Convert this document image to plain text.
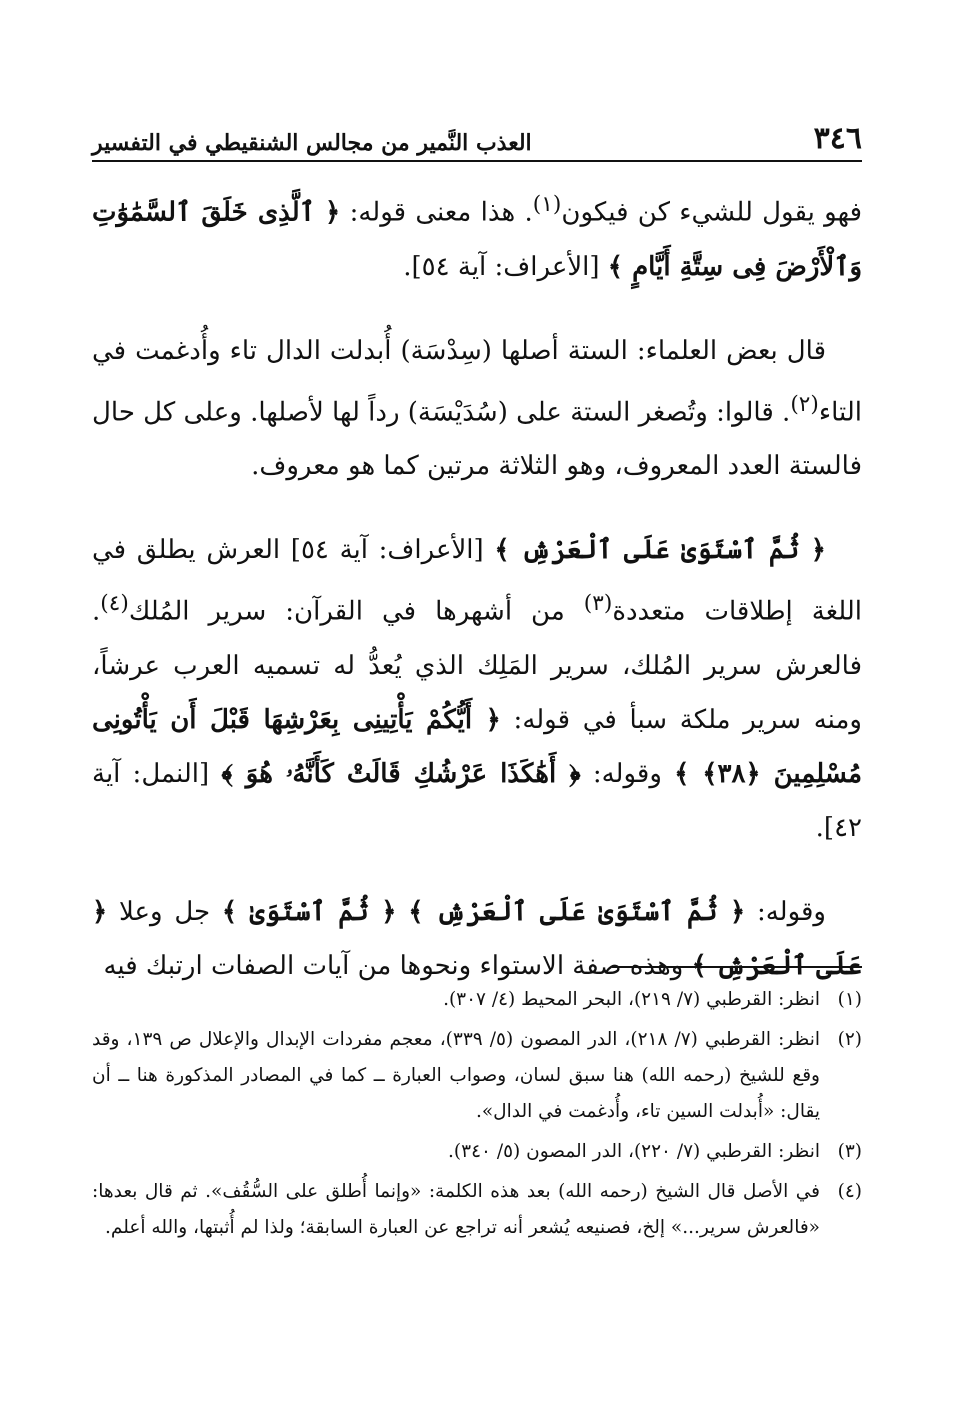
٣٤٦
العذب النَّمير من مجالس الشنقيطي في التفسير

فهو يقول للشيء كن فيكون$^{(١)}$. هذا معنى قوله: ﴿ ٱلَّذِى خَلَقَ ٱلسَّمَٰوَٰتِ وَٱلْأَرْضَ فِى سِتَّةِ أَيَّامٍ ﴾ [الأعراف: آية ٥٤].

قال بعض العلماء: الستة أصلها (سِدْسَة) أُبدلت الدال تاء وأُدغمت في التاء$^{(٢)}$. قالوا: وتُصغر الستة على (سُدَيْسَة) رداً لها لأصلها. وعلى كل حال فالستة العدد المعروف، وهو الثلاثة مرتين كما هو معروف.

﴿ ثُمَّ ٱسْتَوَىٰ عَلَى ٱلْعَرْشِ ﴾ [الأعراف: آية ٥٤] العرش يطلق في اللغة إطلاقات متعددة$^{(٣)}$ من أشهرها في القرآن: سرير المُلك$^{(٤)}$. فالعرش سرير المُلك، سرير المَلِك الذي يُعدُّ له تسميه العرب عرشاً، ومنه سرير ملكة سبأ في قوله: ﴿ أَيُّكُمْ يَأْتِينِى بِعَرْشِهَا قَبْلَ أَن يَأْتُونِى مُسْلِمِينَ ﴿٣٨﴾ ﴾ وقوله: ﴿ أَهَٰكَذَا عَرْشُكِ قَالَتْ كَأَنَّهُۥ هُوَ ﴾ [النمل: آية ٤٢].

وقوله: ﴿ ثُمَّ ٱسْتَوَىٰ عَلَى ٱلْعَرْشِ ﴾ ﴿ ثُمَّ ٱسْتَوَىٰ ﴾ جل وعلا ﴿ عَلَى ٱلْعَرْشِ ﴾ وهذه صفة الاستواء ونحوها من آيات الصفات ارتبك فيه

(١)
انظر: القرطبي (٧/ ٢١٩)، البحر المحيط (٤/ ٣٠٧).
(٢)
انظر: القرطبي (٧/ ٢١٨)، الدر المصون (٥/ ٣٣٩)، معجم مفردات الإبدال والإعلال ص ١٣٩، وقد وقع للشيخ (رحمه الله) هنا سبق لسان، وصواب العبارة ــ كما في المصادر المذكورة هنا ــ أن يقال: «أُبدلت السين تاء، وأُدغمت في الدال».
(٣)
انظر: القرطبي (٧/ ٢٢٠)، الدر المصون (٥/ ٣٤٠).
(٤)
في الأصل قال الشيخ (رحمه الله) بعد هذه الكلمة: «وإنما أُطلق على السُّقُف». ثم قال بعدها: «فالعرش سرير...» إلخ، فصنيعه يُشعر أنه تراجع عن العبارة السابقة؛ ولذا لم أُثبتها، والله أعلم.
